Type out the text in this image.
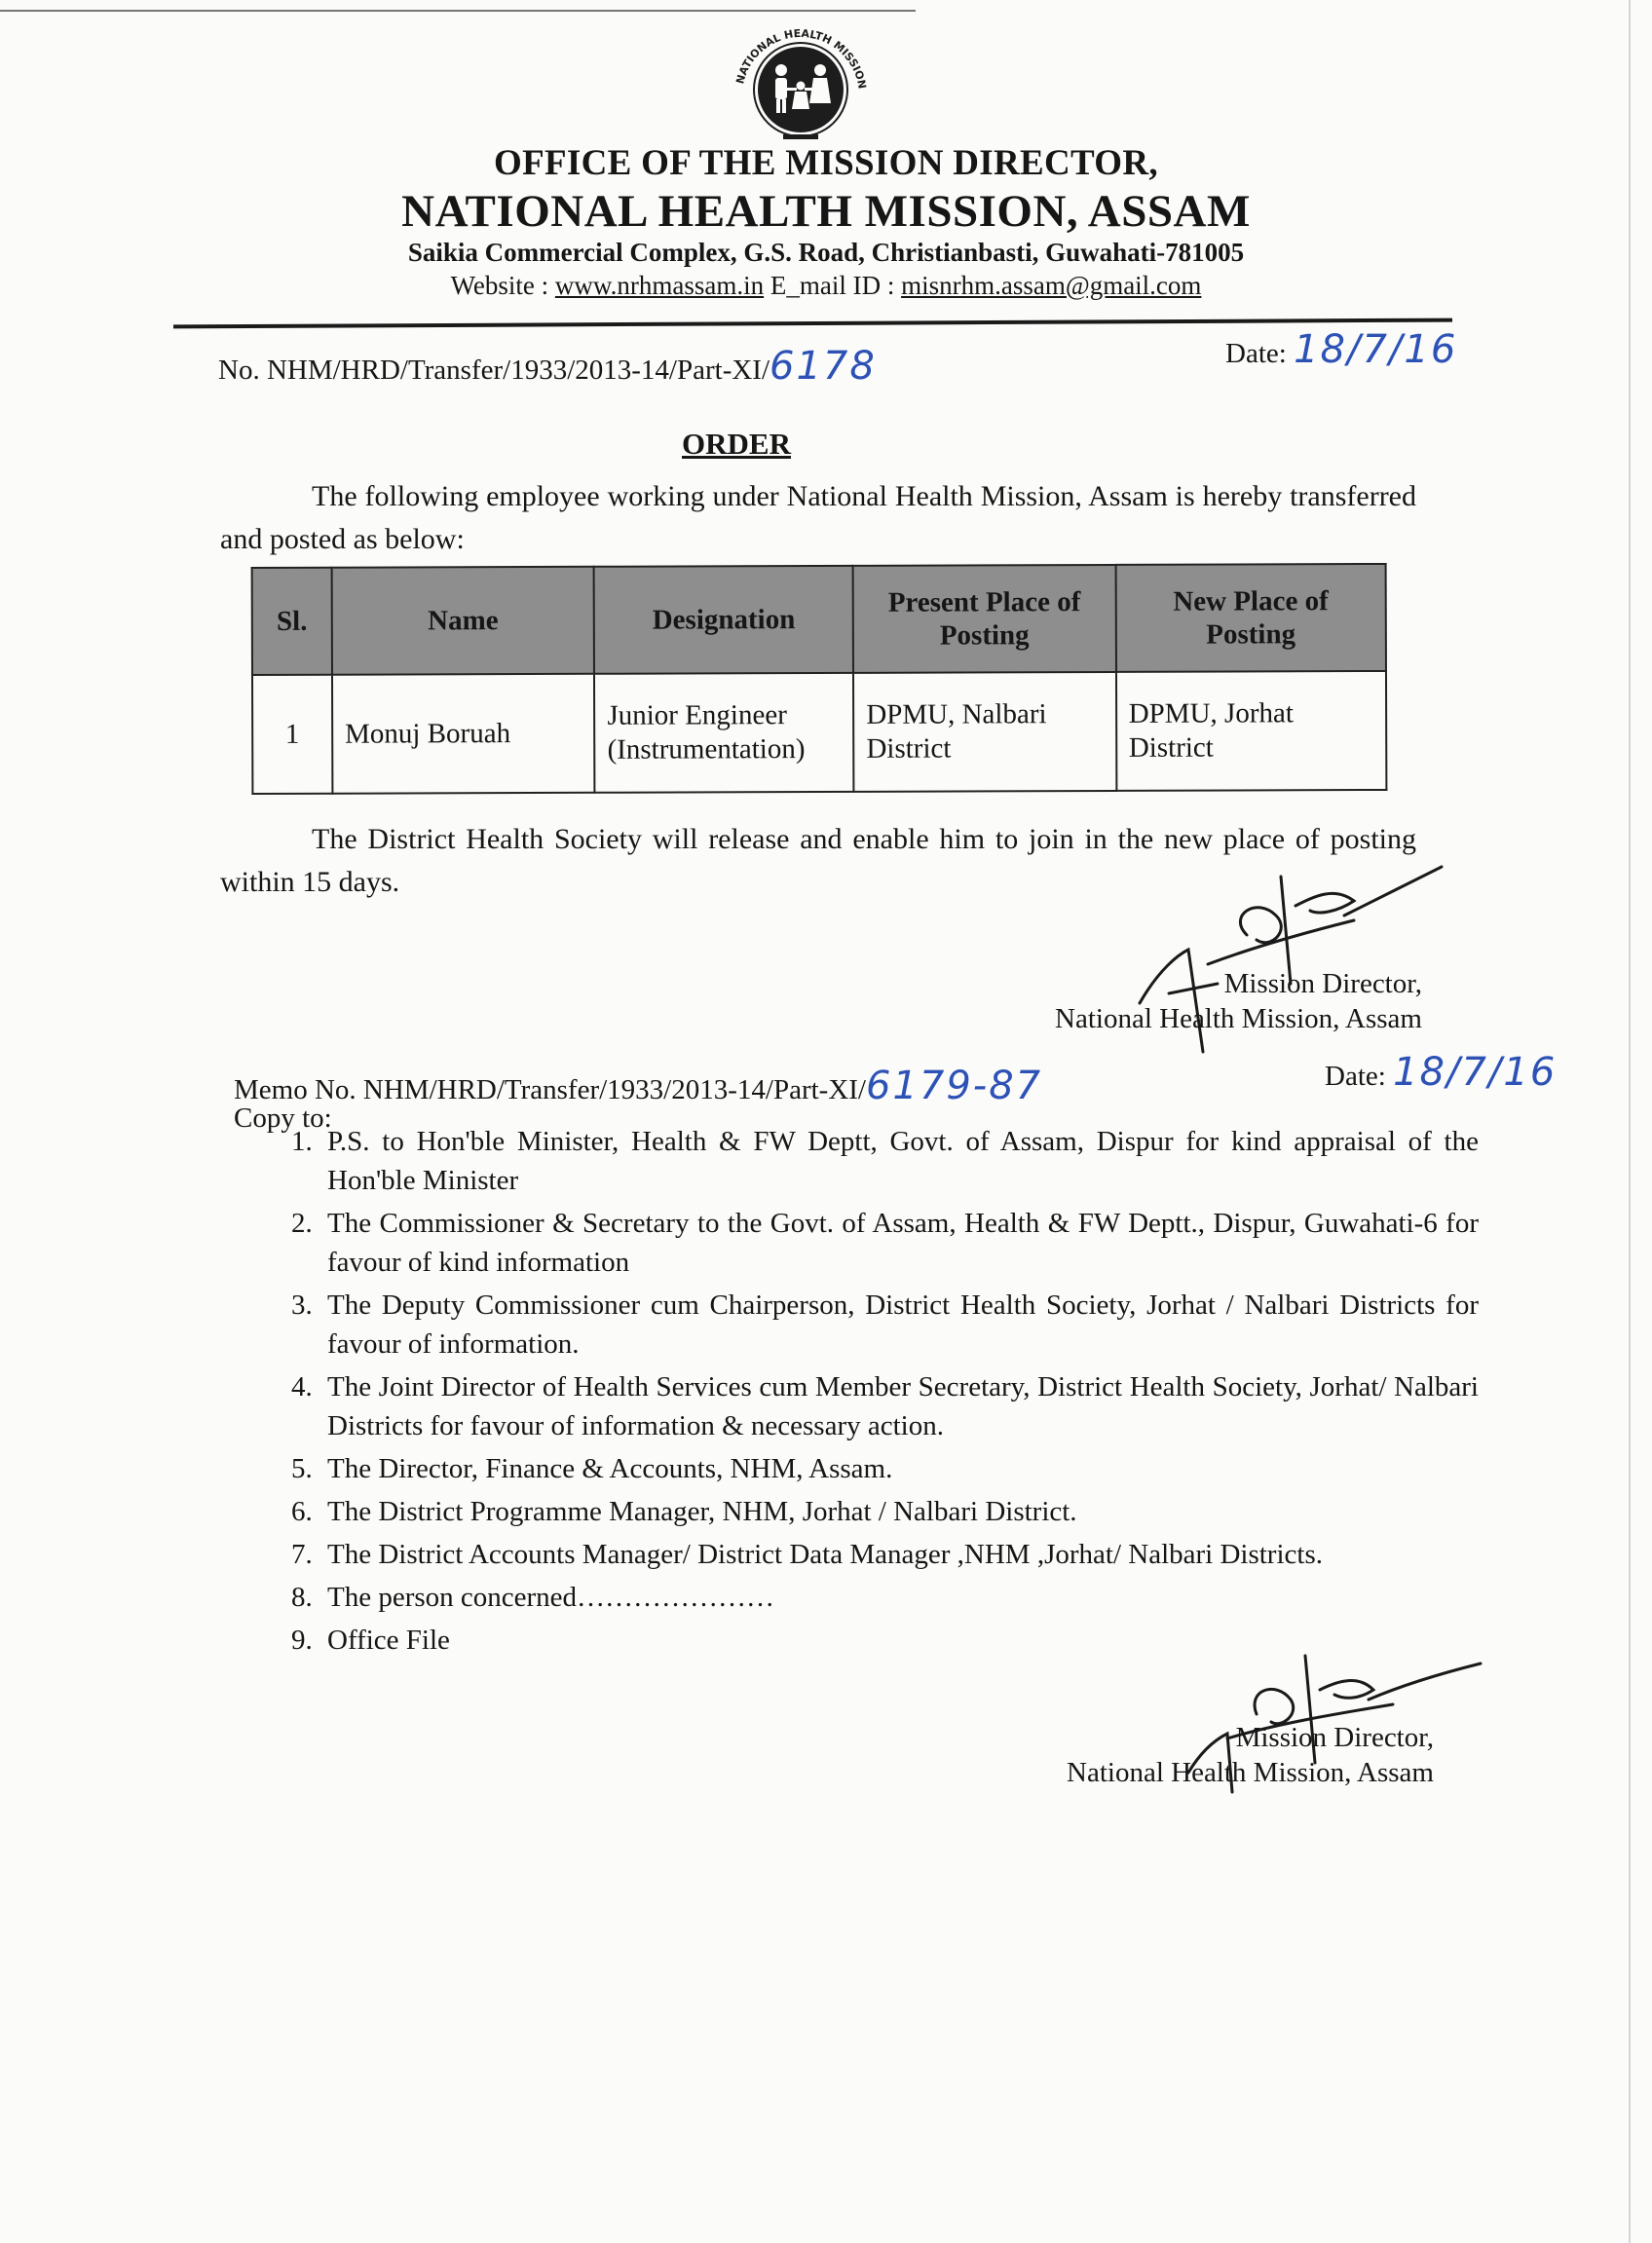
NATIONAL HEALTH MISSION
OFFICE OF THE MISSION DIRECTOR,
NATIONAL HEALTH MISSION, ASSAM
Saikia Commercial Complex, G.S. Road, Christianbasti, Guwahati-781005
Website : www.nrhmassam.in E_mail ID : misnrhm.assam@gmail.com
No. NHM/HRD/Transfer/1933/2013-14/Part-XI/6178	Date: 18/7/16
ORDER

The following employee working under National Health Mission, Assam is hereby transferred and posted as below:

Sl.	Name	Designation	Present Place of Posting	New Place of Posting
1	Monuj Boruah	Junior Engineer (Instrumentation)	DPMU, Nalbari District	DPMU, Jorhat District

The District Health Society will release and enable him to join in the new place of posting within 15 days.

Mission Director,
National Health Mission, Assam
Memo No. NHM/HRD/Transfer/1933/2013-14/Part-XI/6179-87	Date: 18/7/16
Copy to:
1. P.S. to Hon'ble Minister, Health & FW Deptt, Govt. of Assam, Dispur for kind appraisal of the Hon'ble Minister
2. The Commissioner & Secretary to the Govt. of Assam, Health & FW Deptt., Dispur, Guwahati-6 for favour of kind information
3. The Deputy Commissioner cum Chairperson, District Health Society, Jorhat / Nalbari Districts for favour of information.
4. The Joint Director of Health Services cum Member Secretary, District Health Society, Jorhat/ Nalbari Districts for favour of information & necessary action.
5. The Director, Finance & Accounts, NHM, Assam.
6. The District Programme Manager, NHM, Jorhat / Nalbari District.
7. The District Accounts Manager/ District Data Manager ,NHM ,Jorhat/ Nalbari Districts.
8. The person concerned…………………
9. Office File
Mission Director,
National Health Mission, Assam
